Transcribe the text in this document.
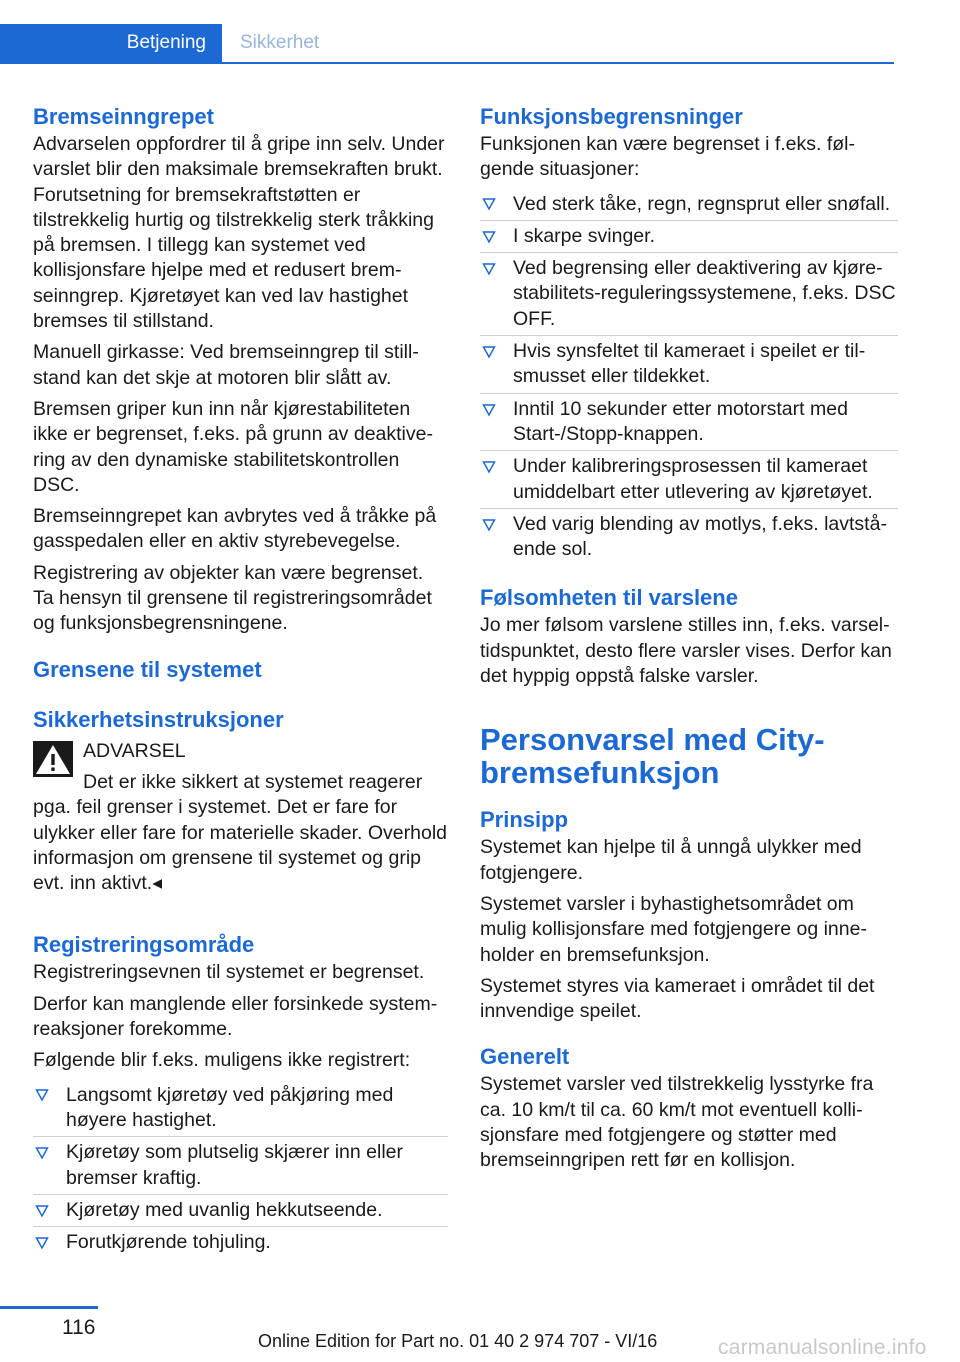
Betjening Sikkerhet
Bremseinngrepet

Advarselen oppfordrer til å gripe inn selv. Under varslet blir den maksimale bremsekraften brukt. Forutsetning for bremsekraftstøtten er tilstrekkelig hurtig og tilstrekkelig sterk tråkking på bremsen. I tillegg kan systemet ved kollisjonsfare hjelpe med et redusert bremseinngrep. Kjøretøyet kan ved lav hastighet bremses til stillstand.

Manuell girkasse: Ved bremseinngrep til stillstand kan det skje at motoren blir slått av.

Bremsen griper kun inn når kjørestabiliteten ikke er begrenset, f.eks. på grunn av deaktivering av den dynamiske stabilitetskontrollen DSC.

Bremseinngrepet kan avbrytes ved å tråkke på gasspedalen eller en aktiv styrebevegelse.

Registrering av objekter kan være begrenset. Ta hensyn til grensene til registreringsområdet og funksjonsbegrensningene.

Grensene til systemet
Sikkerhetsinstruksjoner
ADVARSEL
Det er ikke sikkert at systemet reagerer
pga. feil grenser i systemet. Det er fare for ulykker eller fare for materielle skader. Overhold informasjon om grensene til systemet og grip evt. inn aktivt.◂
Registreringsområde

Registreringsevnen til systemet er begrenset.

Derfor kan manglende eller forsinkede systemreaksjoner forekomme.

Følgende blir f.eks. muligens ikke registrert:

Langsomt kjøretøy ved påkjøring med høyere hastighet.
Kjøretøy som plutselig skjærer inn eller bremser kraftig.
Kjøretøy med uvanlig hekkutseende.
Forutkjørende tohjuling.
Funksjonsbegrensninger

Funksjonen kan være begrenset i f.eks. følgende situasjoner:

Ved sterk tåke, regn, regnsprut eller snøfall.
I skarpe svinger.
Ved begrensing eller deaktivering av kjørestabilitets-reguleringssystemene, f.eks. DSC OFF.
Hvis synsfeltet til kameraet i speilet er tilsmusset eller tildekket.
Inntil 10 sekunder etter motorstart med Start-/Stopp-knappen.
Under kalibreringsprosessen til kameraet umiddelbart etter utlevering av kjøretøyet.
Ved varig blending av motlys, f.eks. lavtstående sol.
Følsomheten til varslene

Jo mer følsom varslene stilles inn, f.eks. varseltidspunktet, desto flere varsler vises. Derfor kan det hyppig oppstå falske varsler.

Personvarsel med City-
bremsefunksjon
Prinsipp

Systemet kan hjelpe til å unngå ulykker med fotgjengere.

Systemet varsler i byhastighetsområdet om mulig kollisjonsfare med fotgjengere og inneholder en bremsefunksjon.

Systemet styres via kameraet i området til det innvendige speilet.

Generelt

Systemet varsler ved tilstrekkelig lysstyrke fra ca. 10 km/t til ca. 60 km/t mot eventuell kollisjonsfare med fotgjengere og støtter med bremseinngripen rett før en kollisjon.

116
Online Edition for Part no. 01 40 2 974 707 - VI/16	carmanualsonline.info
